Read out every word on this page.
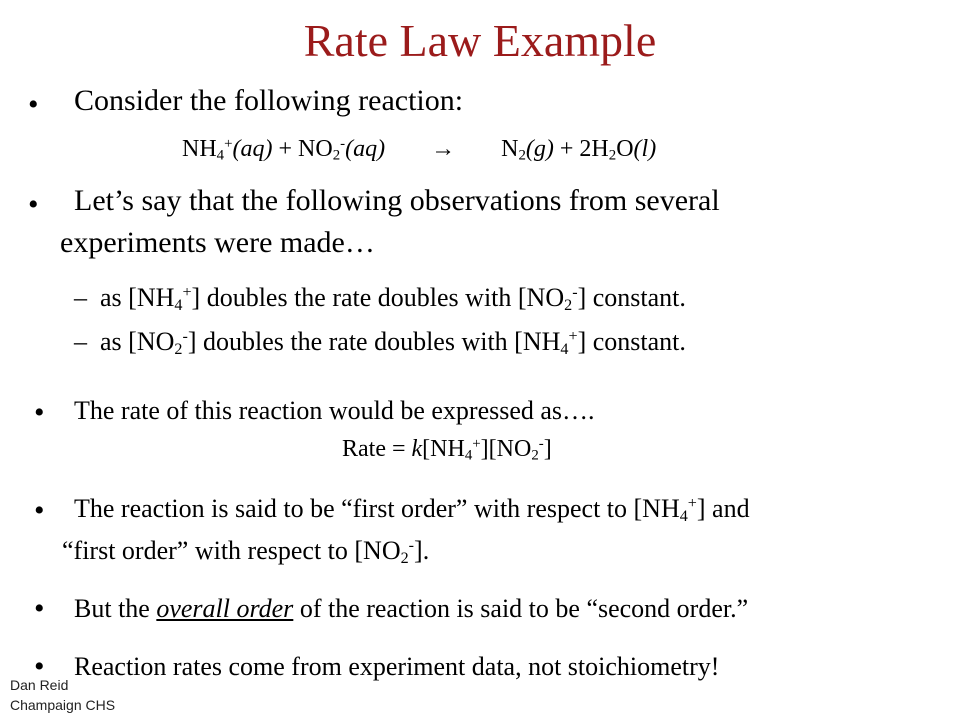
Rate Law Example
• Consider the following reaction:
$NH_4^+(aq) + NO_2^-(aq) \to N_2(g) + 2H_2O(l)$
• Let’s say that the following observations from several
experiments were made…
– as $[NH_4^+]$ doubles the rate doubles with $[NO_2^-]$ constant.
– as $[NO_2^-]$ doubles the rate doubles with $[NH_4^+]$ constant.
• The rate of this reaction would be expressed as….
Rate = $k[NH_4^+][NO_2^-]$
• The reaction is said to be “first order” with respect to $[NH_4^+]$ and
“first order” with respect to $[NO_2^-]$.
• But the overall order of the reaction is said to be “second order.”
• Reaction rates come from experiment data, not stoichiometry!
Dan Reid
Champaign CHS
